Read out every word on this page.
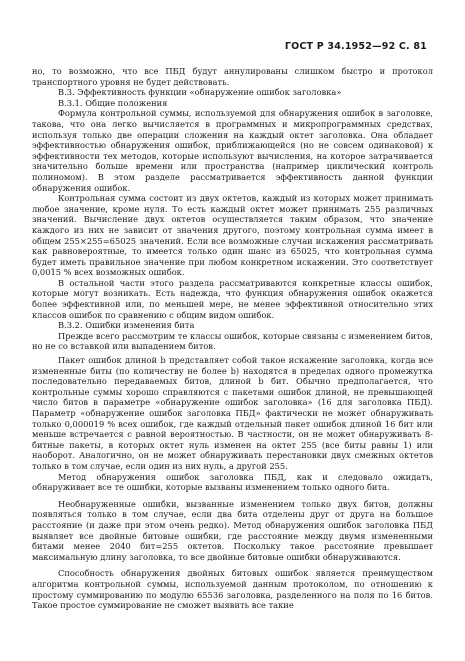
ГОСТ Р 34.1952—92 С. 81

но, то возможно, что все ПБД будут аннулированы слишком быстро и протокол транспортного уровня не будет действовать.

В.3. Эффективность функции «обнаружение ошибок заголовка»

В.3.1. Общие положения

Формула контрольной суммы, используемой для обнаружения ошибок в заголовке, такова, что она легко вычисляется в программных и микропрограммных средствах, используя только две операции сложения на каждый октет заголовка. Она обладает эффективностью обнаружения ошибок, приближающейся (но не совсем одинаковой) к эффективности тех методов, которые используют вычисления, на которое затрачивается значительно больше времени или пространства (например циклический контроль полиномом). В этом разделе рассматривается эффективность данной функции обнаружения ошибок.

Контрольная сумма состоит из двух октетов, каждый из которых может принимать любое значение, кроме нуля. То есть каждый октет может принимать 255 различных значений. Вычисление двух октетов осуществляется таким образом, что значение каждого из них не зависит от значения другого, поэтому контрольная сумма имеет в общем 255×255=65025 значений. Если все возможные случаи искажения рассматривать как равновероятные, то имеется только один шанс из 65025, что контрольная сумма будет иметь правильное значение при любом конкретном искажении. Это соответствует 0,0015 % всех возможных ошибок.

В остальной части этого раздела рассматриваются конкретные классы ошибок, которые могут возникать. Есть надежда, что функция обнаружения ошибок окажется более эффективной или, по меньшей мере, не менее эффективной относительно этих классов ошибок по сравнению с общим видом ошибок.

В.3.2. Ошибки изменения бита

Прежде всего рассмотрим те классы ошибок, которые связаны с изменением битов, но не со вставкой или выпадением битов.

Пакет ошибок длиной b представляет собой такое искажение заголовка, когда все измененные биты (по количеству не более b) находятся в пределах одного промежутка последовательно передаваемых битов, длиной b бит. Обычно предполагается, что контрольные суммы хорошо справляются с пакетами ошибок длиной, не превышающей число битов в параметре «обнаружение ошибок заголовка» (16 для заголовка ПБД). Параметр «обнаружение ошибок заголовка ПБД» фактически не может обнаруживать только 0,000019 % всех ошибок, где каждый отдельный пакет ошибок длиной 16 бит или меньше встречается с равной вероятностью. В частности, он не может обнаруживать 8-битные пакеты, в которых октет нуль изменен на октет 255 (все биты равны 1) или наоборот. Аналогично, он не может обнаруживать перестановки двух смежных октетов только в том случае, если один из них нуль, а другой 255.

Метод обнаружения ошибок заголовка ПБД, как и следовало ожидать, обнаруживает все те ошибки, которые вызваны изменением только одного бита.

Необнаруженные ошибки, вызванные изменением только двух битов, должны появляться только в том случае, если два бита отделены друг от друга на большое расстояние (и даже при этом очень редко). Метод обнаружения ошибок заголовка ПБД выявляет все двойные битовые ошибки, где расстояние между двумя измененными битами менее 2040 бит=255 октетов. Поскольку такое расстояние превышает максимальную длину заголовка, то все двойные битовые ошибки обнаруживаются.

Способность обнаружения двойных битовых ошибок является преимуществом алгоритма контрольной суммы, используемой данным протоколом, по отношению к простому суммированию по модулю 65536 заголовка, разделенного на поля по 16 битов. Такое простое суммирование не сможет выявить все такие
